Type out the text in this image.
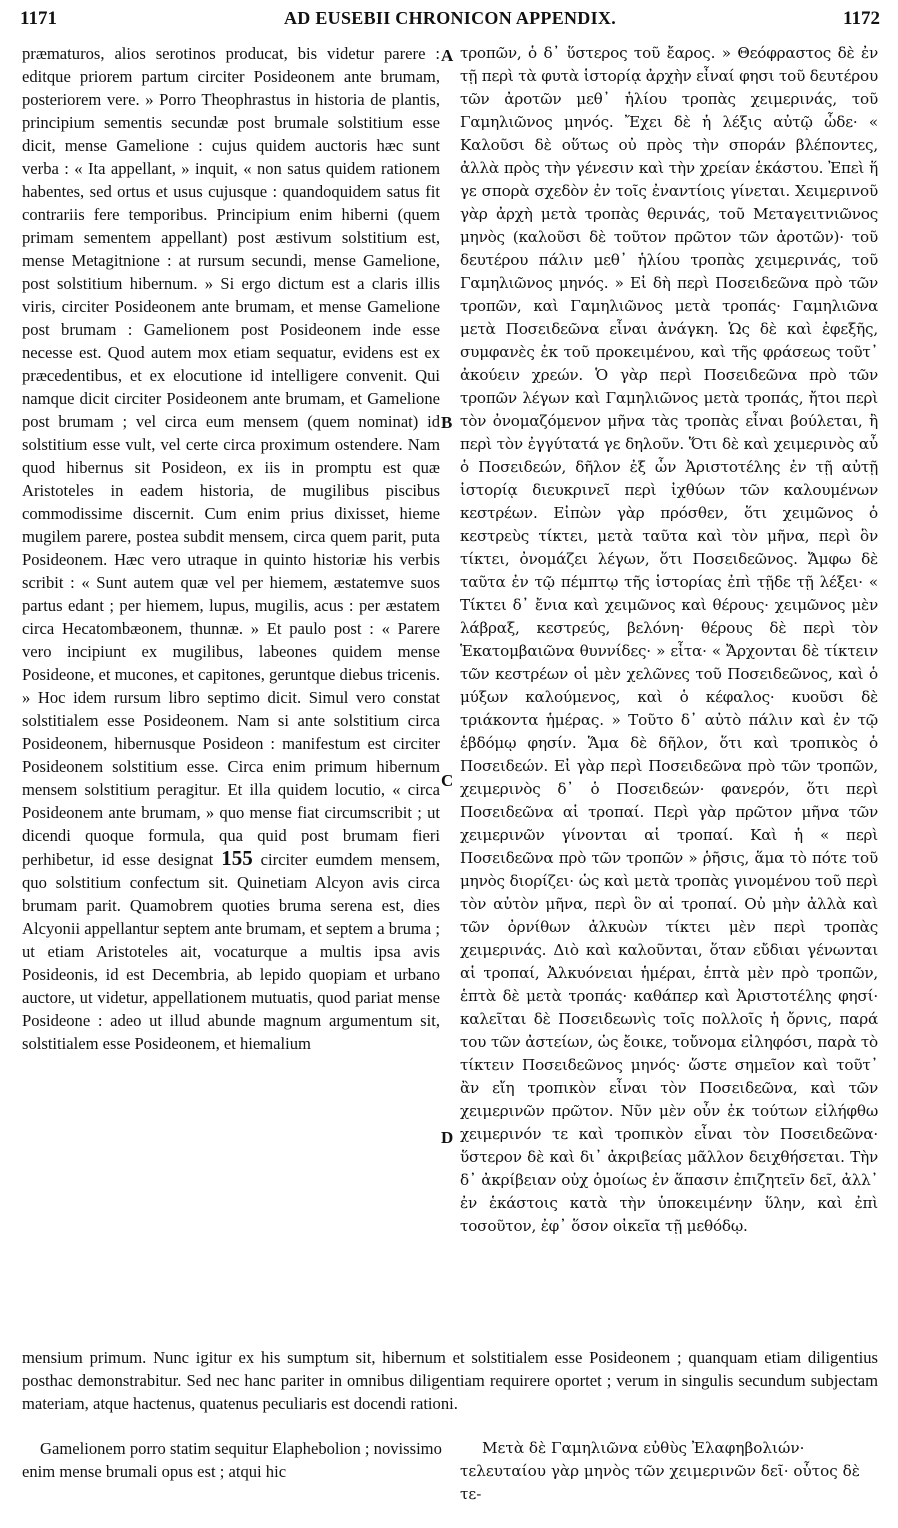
1171	AD EUSEBII CHRONICON APPENDIX.	1172

præmaturos, alios serotinos producat, bis videtur parere : editque priorem partum circiter Posideonem ante brumam, posteriorem vere. » Porro Theophrastus in historia de plantis, principium sementis secundæ post brumale solstitium esse dicit, mense Gamelione : cujus quidem auctoris hæc sunt verba : « Ita appellant, » inquit, « non satus quidem rationem habentes, sed ortus et usus cujusque : quandoquidem satus fit contrariis fere temporibus. Principium enim hiberni (quem primam sementem appellant) post æstivum solstitium est, mense Metagitnione : at rursum secundi, mense Gamelione, post solstitium hibernum. » Si ergo dictum est a claris illis viris, circiter Posideonem ante brumam, et mense Gamelione post brumam : Gamelionem post Posideonem inde esse necesse est. Quod autem mox etiam sequatur, evidens est ex præcedentibus, et ex elocutione id intelligere convenit. Qui namque dicit circiter Posideonem ante brumam, et Gamelione post brumam ; vel circa eum mensem (quem nominat) id solstitium esse vult, vel certe circa proximum ostendere. Nam quod hibernus sit Posideon, ex iis in promptu est quæ Aristoteles in eadem historia, de mugilibus piscibus commodissime discernit. Cum enim prius dixisset, hieme mugilem parere, postea subdit mensem, circa quem parit, puta Posideonem. Hæc vero utraque in quinto historiæ his verbis scribit : « Sunt autem quæ vel per hiemem, æstatemve suos partus edant ; per hiemem, lupus, mugilis, acus : per æstatem circa Hecatombæonem, thunnæ. » Et paulo post : « Parere vero incipiunt ex mugilibus, labeones quidem mense Posideone, et mucones, et capitones, geruntque diebus tricenis. » Hoc idem rursum libro septimo dicit. Simul vero constat solstitialem esse Posideonem. Nam si ante solstitium circa Posideonem, hibernusque Posideon : manifestum est circiter Posideonem solstitium esse. Circa enim primum hibernum mensem solstitium peragitur. Et illa quidem locutio, « circa Posideonem ante brumam, » quo mense fiat circumscribit ; ut dicendi quoque formula, qua quid post brumam fieri perhibetur, id esse designat 155 circiter eumdem mensem, quo solstitium confectum sit. Quinetiam Alcyon avis circa brumam parit. Quamobrem quoties bruma serena est, dies Alcyonii appellantur septem ante brumam, et septem a bruma ; ut etiam Aristoteles ait, vocaturque a multis ipsa avis Posideonis, id est Decembria, ab lepido quopiam et urbano auctore, ut videtur, appellationem mutuatis, quod pariat mense Posideone : adeo ut illud abunde magnum argumentum sit, solstitialem esse Posideonem, et hiemalium

A
B
C
D

τροπῶν, ὁ δ᾽ ὕστερος τοῦ ἔαρος. » Θεόφραστος δὲ ἐν τῇ περὶ τὰ φυτὰ ἱστορίᾳ ἀρχὴν εἶναί φησι τοῦ δευτέρου τῶν ἀροτῶν μεθ᾽ ἡλίου τροπὰς χειμερινάς, τοῦ Γαμηλιῶνος μηνός. Ἔχει δὲ ἡ λέξις αὐτῷ ὧδε· « Καλοῦσι δὲ οὕτως οὐ πρὸς τὴν σποράν βλέποντες, ἀλλὰ πρὸς τὴν γένεσιν καὶ τὴν χρείαν ἑκάστου. Ἐπεὶ ἥ γε σπορὰ σχεδὸν ἐν τοῖς ἐναντίοις γίνεται. Χειμερινοῦ γὰρ ἀρχὴ μετὰ τροπὰς θερινάς, τοῦ Μεταγειτνιῶνος μηνὸς (καλοῦσι δὲ τοῦτον πρῶτον τῶν ἀροτῶν)· τοῦ δευτέρου πάλιν μεθ᾽ ἡλίου τροπὰς χειμερινάς, τοῦ Γαμηλιῶνος μηνός. » Εἰ δὴ περὶ Ποσειδεῶνα πρὸ τῶν τροπῶν, καὶ Γαμηλιῶνος μετὰ τροπάς· Γαμηλιῶνα μετὰ Ποσειδεῶνα εἶναι ἀνάγκη. Ὡς δὲ καὶ ἐφεξῆς, συμφανὲς ἐκ τοῦ προκειμένου, καὶ τῆς φράσεως τοῦτ᾽ ἀκούειν χρεών. Ὁ γὰρ περὶ Ποσειδεῶνα πρὸ τῶν τροπῶν λέγων καὶ Γαμηλιῶνος μετὰ τροπάς, ἤτοι περὶ τὸν ὀνομαζόμενον μῆνα τὰς τροπὰς εἶναι βούλεται, ἢ περὶ τὸν ἐγγύτατά γε δηλοῦν. Ὅτι δὲ καὶ χειμερινὸς αὖ ὁ Ποσειδεών, δῆλον ἐξ ὧν Ἀριστοτέλης ἐν τῇ αὐτῇ ἱστορίᾳ διευκρινεῖ περὶ ἰχθύων τῶν καλουμένων κεστρέων. Εἰπὼν γὰρ πρόσθεν, ὅτι χειμῶνος ὁ κεστρεὺς τίκτει, μετὰ ταῦτα καὶ τὸν μῆνα, περὶ ὃν τίκτει, ὀνομάζει λέγων, ὅτι Ποσειδεῶνος. Ἄμφω δὲ ταῦτα ἐν τῷ πέμπτῳ τῆς ἱστορίας ἐπὶ τῇδε τῇ λέξει· « Τίκτει δ᾽ ἔνια καὶ χειμῶνος καὶ θέρους· χειμῶνος μὲν λάβραξ, κεστρεύς, βελόνη· θέρους δὲ περὶ τὸν Ἑκατομβαιῶνα θυννίδες· » εἶτα· « Ἄρχονται δὲ τίκτειν τῶν κεστρέων οἱ μὲν χελῶνες τοῦ Ποσειδεῶνος, καὶ ὁ μύξων καλούμενος, καὶ ὁ κέφαλος· κυοῦσι δὲ τριάκοντα ἡμέρας. » Τοῦτο δ᾽ αὐτὸ πάλιν καὶ ἐν τῷ ἑβδόμῳ φησίν. Ἅμα δὲ δῆλον, ὅτι καὶ τροπικὸς ὁ Ποσειδεών. Εἰ γὰρ περὶ Ποσειδεῶνα πρὸ τῶν τροπῶν, χειμερινὸς δ᾽ ὁ Ποσειδεών· φανερόν, ὅτι περὶ Ποσειδεῶνα αἱ τροπαί. Περὶ γὰρ πρῶτον μῆνα τῶν χειμερινῶν γίνονται αἱ τροπαί. Καὶ ἡ « περὶ Ποσειδεῶνα πρὸ τῶν τροπῶν » ῥῆσις, ἅμα τὸ πότε τοῦ μηνὸς διορίζει· ὡς καὶ μετὰ τροπὰς γινομένου τοῦ περὶ τὸν αὐτὸν μῆνα, περὶ ὃν αἱ τροπαί. Οὐ μὴν ἀλλὰ καὶ τῶν ὀρνίθων ἀλκυὼν τίκτει μὲν περὶ τροπὰς χειμερινάς. Διὸ καὶ καλοῦνται, ὅταν εὔδιαι γένωνται αἱ τροπαί, Ἀλκυόνειαι ἡμέραι, ἑπτὰ μὲν πρὸ τροπῶν, ἑπτὰ δὲ μετὰ τροπάς· καθάπερ καὶ Ἀριστοτέλης φησί· καλεῖται δὲ Ποσειδεωνὶς τοῖς πολλοῖς ἡ ὄρνις, παρά του τῶν ἀστείων, ὡς ἔοικε, τοὔνομα εἰληφόσι, παρὰ τὸ τίκτειν Ποσειδεῶνος μηνός· ὥστε σημεῖον καὶ τοῦτ᾽ ἂν εἴη τροπικὸν εἶναι τὸν Ποσειδεῶνα, καὶ τῶν χειμερινῶν πρῶτον. Νῦν μὲν οὖν ἐκ τούτων εἰλήφθω χειμερινόν τε καὶ τροπικὸν εἶναι τὸν Ποσειδεῶνα· ὕστερον δὲ καὶ δι᾽ ἀκριβείας μᾶλλον δειχθήσεται. Τὴν δ᾽ ἀκρίβειαν οὐχ ὁμοίως ἐν ἅπασιν ἐπιζητεῖν δεῖ, ἀλλ᾽ ἐν ἑκάστοις κατὰ τὴν ὑποκειμένην ὕλην, καὶ ἐπὶ τοσοῦτον, ἐφ᾽ ὅσον οἰκεῖα τῇ μεθόδῳ.

mensium primum. Nunc igitur ex his sumptum sit, hibernum et solstitialem esse Posideonem ; quanquam etiam diligentius posthac demonstrabitur. Sed nec hanc pariter in omnibus diligentiam requirere oportet ; verum in singulis secundum subjectam materiam, atque hactenus, quatenus peculiaris est docendi rationi.

Gamelionem porro statim sequitur Elaphebolion ; novissimo enim mense brumali opus est ; atqui hic

Μετὰ δὲ Γαμηλιῶνα εὐθὺς Ἐλαφηβολιών· τελευταίου γὰρ μηνὸς τῶν χειμερινῶν δεῖ· οὗτος δὲ τε-
